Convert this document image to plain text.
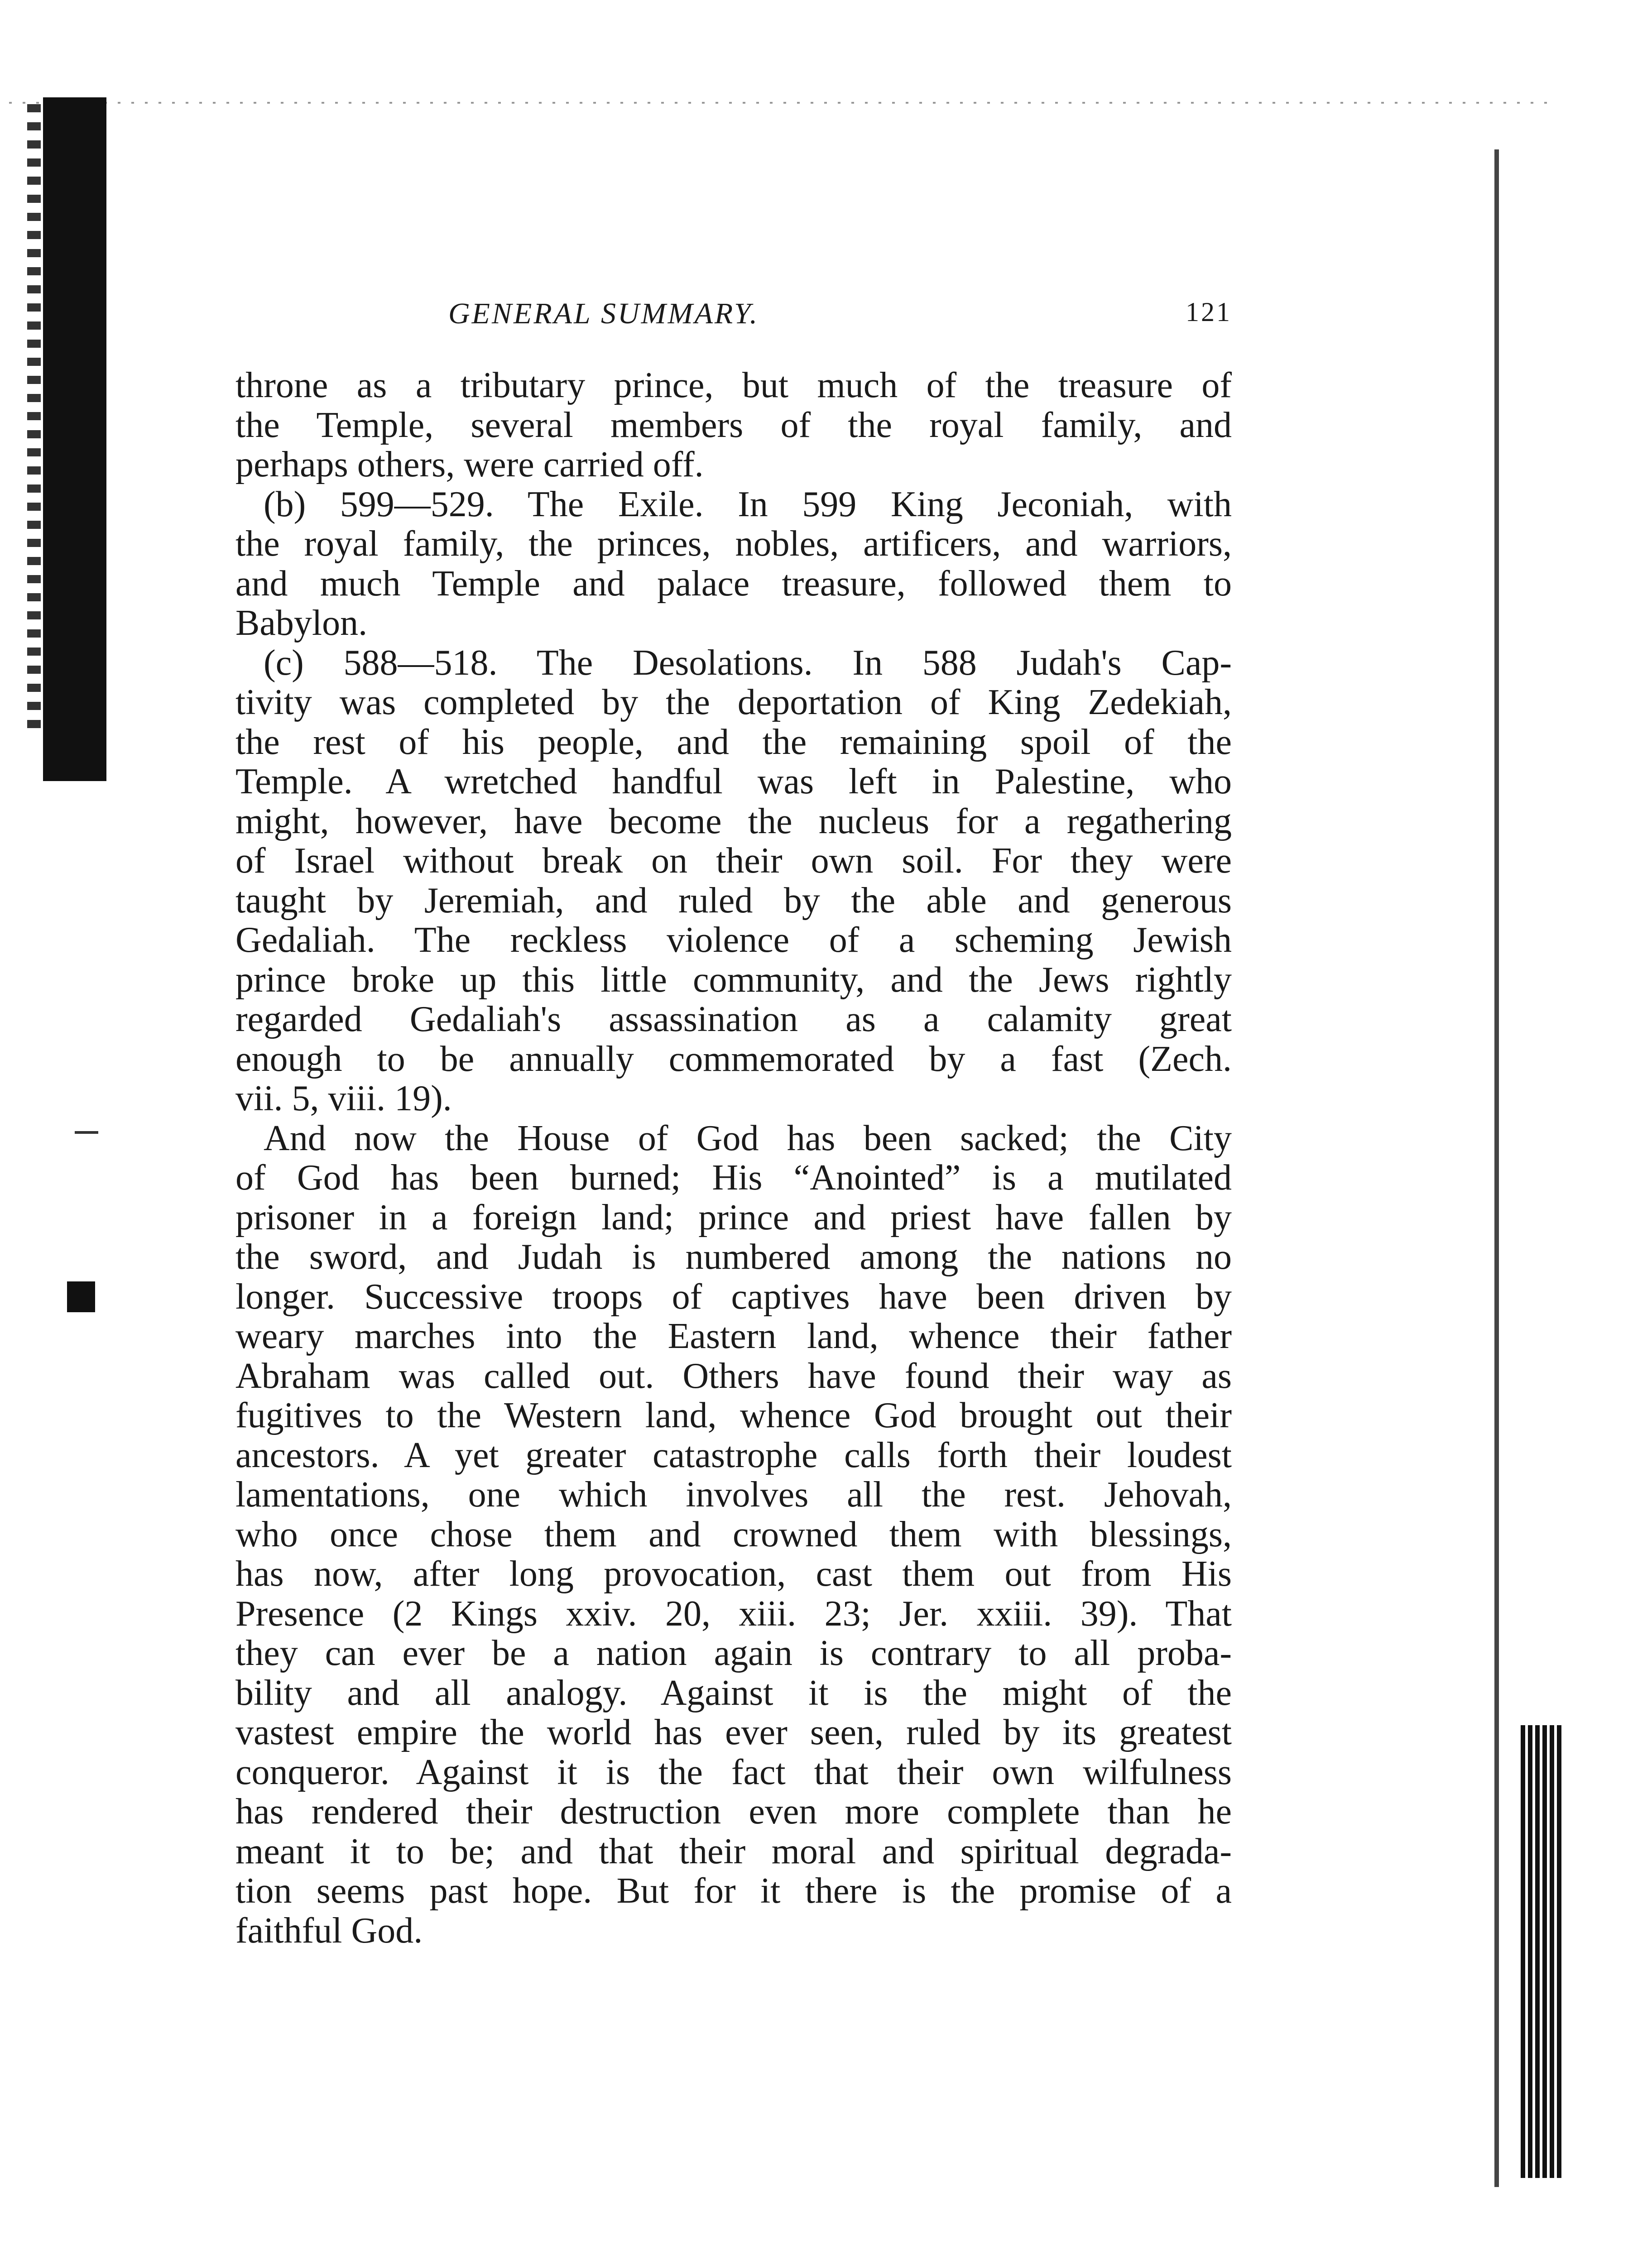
GENERAL SUMMARY.	121
throne as a tributary prince, but much of the treasure of
the Temple, several members of the royal family, and
perhaps others, were carried off.
(b) 599—529. The Exile. In 599 King Jeconiah, with
the royal family, the princes, nobles, artificers, and warriors,
and much Temple and palace treasure, followed them to
Babylon.
(c) 588—518. The Desolations. In 588 Judah's Cap-
tivity was completed by the deportation of King Zedekiah,
the rest of his people, and the remaining spoil of the
Temple. A wretched handful was left in Palestine, who
might, however, have become the nucleus for a regathering
of Israel without break on their own soil. For they were
taught by Jeremiah, and ruled by the able and generous
Gedaliah. The reckless violence of a scheming Jewish
prince broke up this little community, and the Jews rightly
regarded Gedaliah's assassination as a calamity great
enough to be annually commemorated by a fast (Zech.
vii. 5, viii. 19).
And now the House of God has been sacked; the City
of God has been burned; His “Anointed” is a mutilated
prisoner in a foreign land; prince and priest have fallen by
the sword, and Judah is numbered among the nations no
longer. Successive troops of captives have been driven by
weary marches into the Eastern land, whence their father
Abraham was called out. Others have found their way as
fugitives to the Western land, whence God brought out their
ancestors. A yet greater catastrophe calls forth their loudest
lamentations, one which involves all the rest. Jehovah,
who once chose them and crowned them with blessings,
has now, after long provocation, cast them out from His
Presence (2 Kings xxiv. 20, xiii. 23; Jer. xxiii. 39). That
they can ever be a nation again is contrary to all proba-
bility and all analogy. Against it is the might of the
vastest empire the world has ever seen, ruled by its greatest
conqueror. Against it is the fact that their own wilfulness
has rendered their destruction even more complete than he
meant it to be; and that their moral and spiritual degrada-
tion seems past hope. But for it there is the promise of a
faithful God.
